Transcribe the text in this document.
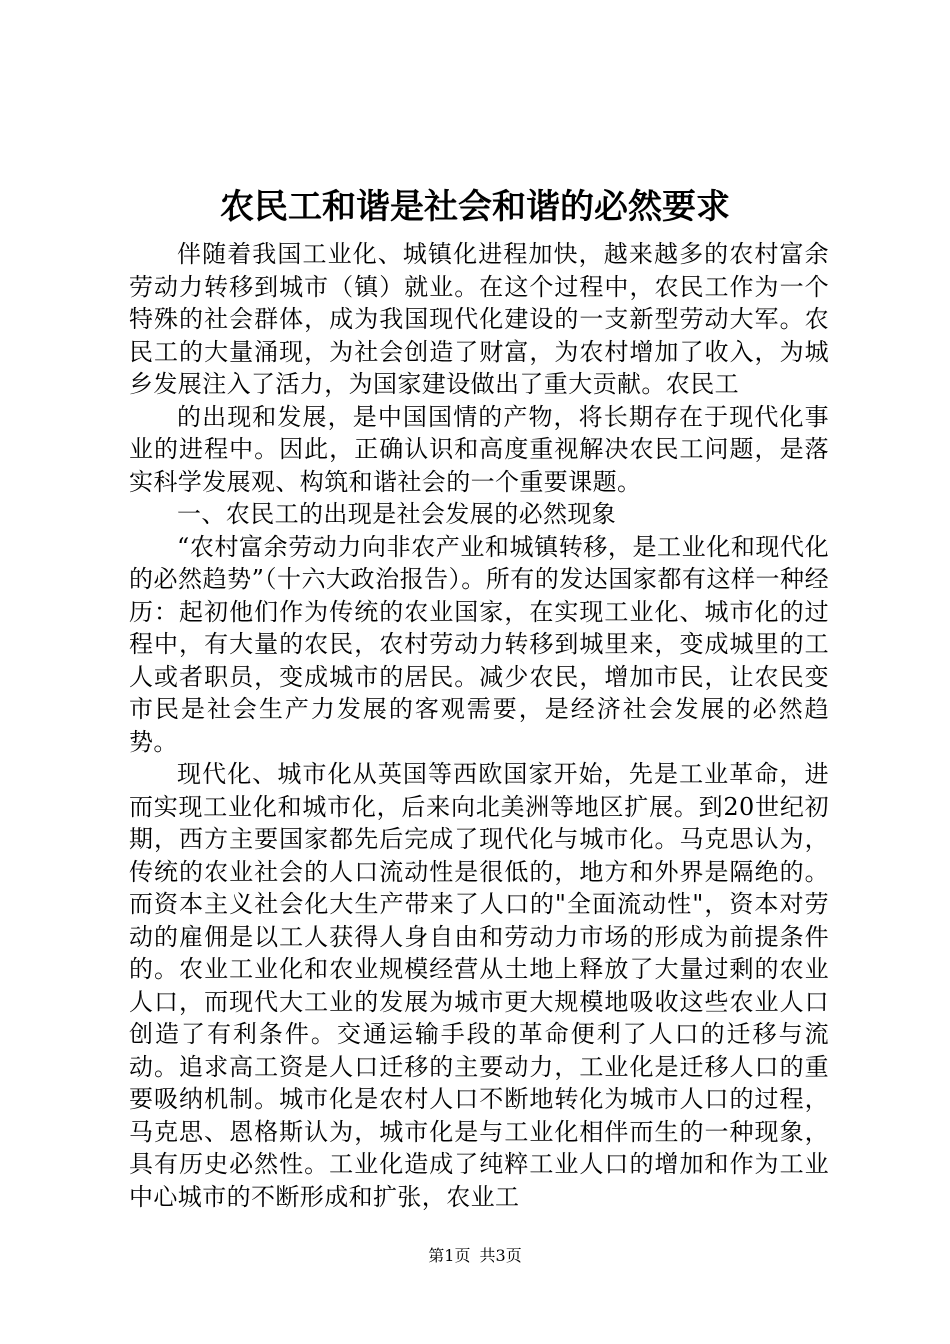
农民工和谐是社会和谐的必然要求

伴随着我国工业化、城镇化进程加快，越来越多的农村富余劳动力转移到城市（镇）就业。在这个过程中，农民工作为一个特殊的社会群体，成为我国现代化建设的一支新型劳动大军。农民工的大量涌现，为社会创造了财富，为农村增加了收入，为城乡发展注入了活力，为国家建设做出了重大贡献。农民工

的出现和发展，是中国国情的产物，将长期存在于现代化事业的进程中。因此，正确认识和高度重视解决农民工问题，是落实科学发展观、构筑和谐社会的一个重要课题。

一、农民工的出现是社会发展的必然现象

“农村富余劳动力向非农产业和城镇转移，是工业化和现代化的必然趋势”（十六大政治报告）。所有的发达国家都有这样一种经历：起初他们作为传统的农业国家，在实现工业化、城市化的过程中，有大量的农民，农村劳动力转移到城里来，变成城里的工人或者职员，变成城市的居民。减少农民，增加市民，让农民变市民是社会生产力发展的客观需要，是经济社会发展的必然趋势。

现代化、城市化从英国等西欧国家开始，先是工业革命，进而实现工业化和城市化，后来向北美洲等地区扩展。到20世纪初期，西方主要国家都先后完成了现代化与城市化。马克思认为，传统的农业社会的人口流动性是很低的，地方和外界是隔绝的。而资本主义社会化大生产带来了人口的"全面流动性"，资本对劳动的雇佣是以工人获得人身自由和劳动力市场的形成为前提条件的。农业工业化和农业规模经营从土地上释放了大量过剩的农业人口，而现代大工业的发展为城市更大规模地吸收这些农业人口创造了有利条件。交通运输手段的革命便利了人口的迁移与流动。追求高工资是人口迁移的主要动力，工业化是迁移人口的重要吸纳机制。城市化是农村人口不断地转化为城市人口的过程，马克思、恩格斯认为，城市化是与工业化相伴而生的一种现象，具有历史必然性。工业化造成了纯粹工业人口的增加和作为工业中心城市的不断形成和扩张，农业工

第1页 共3页
